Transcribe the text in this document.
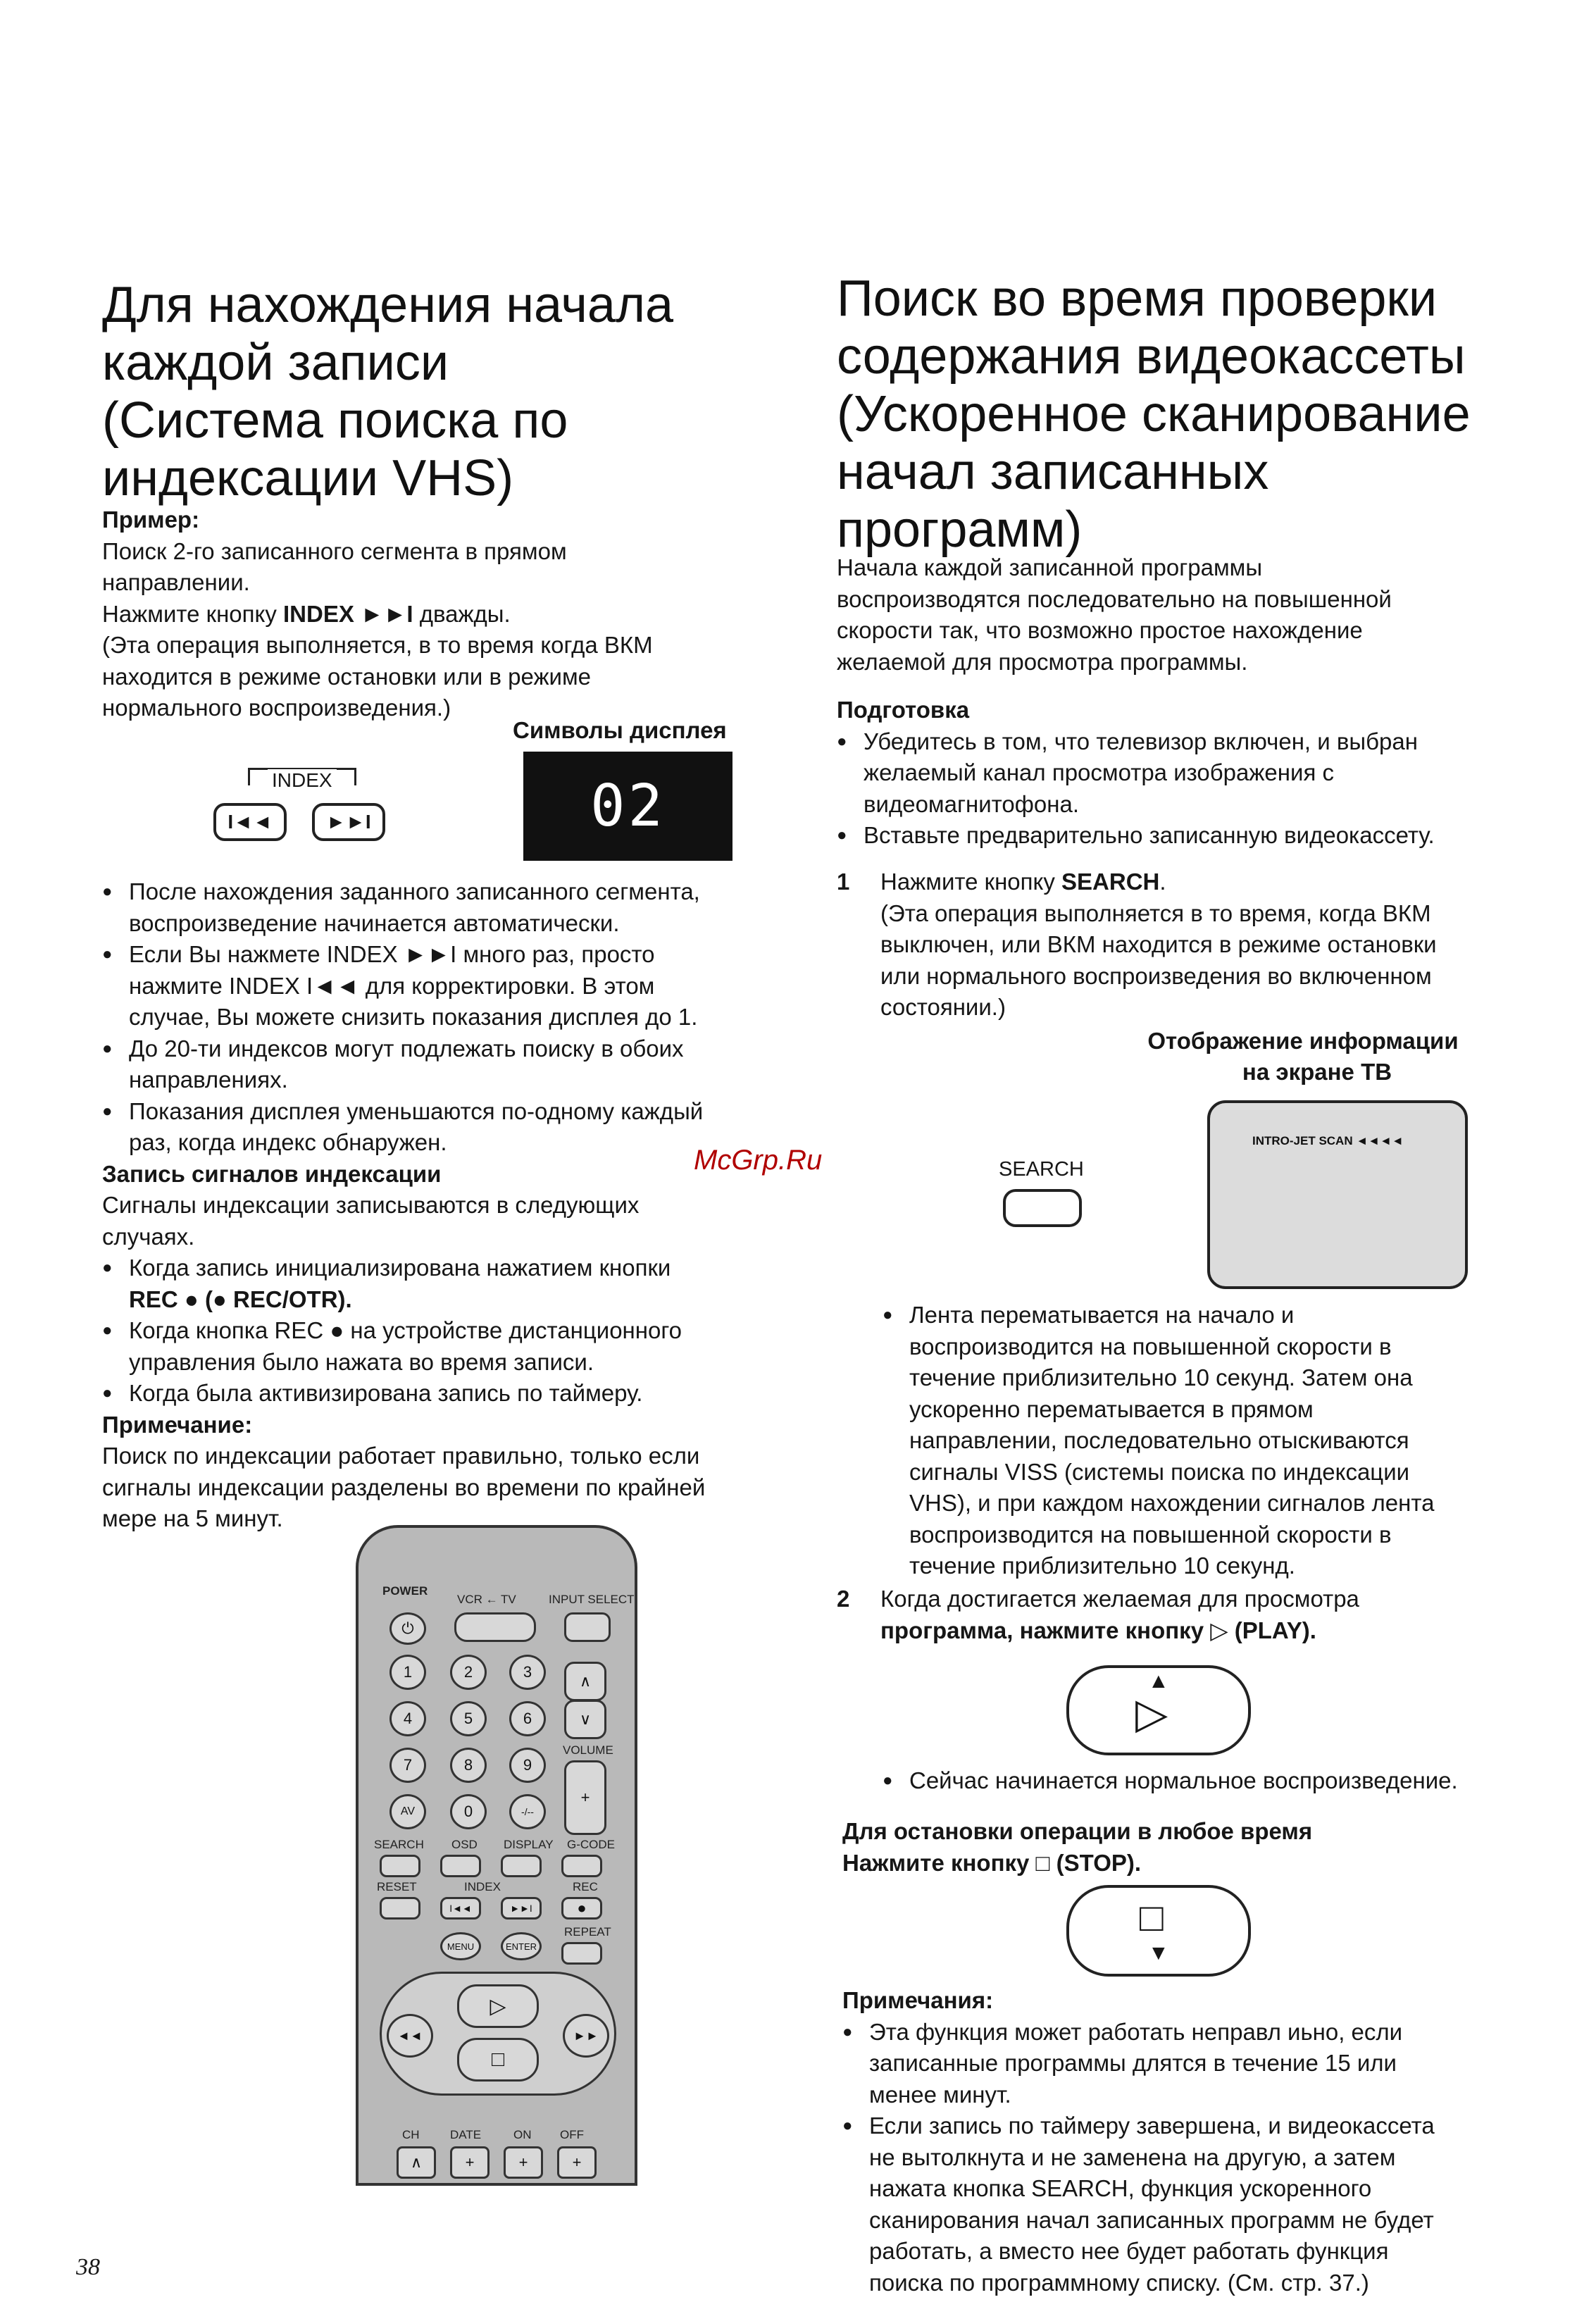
Для нахождения начала
каждой записи
(Система поиска по
индексации VHS)
Пример:
Поиск 2-го записанного сегмента в прямом
направлении.
Нажмите кнопку INDEX ►►I дважды.
(Эта операция выполняется, в то время когда ВКМ
находится в режиме остановки или в режиме
нормального воспроизведения.)
Символы дисплея
INDEX
I◄◄	►►I	02
● После нахождения заданного записанного сегмента,
воспроизведение начинается автоматически.
● Если Вы нажмете INDEX ►►I много раз, просто
нажмите INDEX I◄◄ для корректировки. В этом
случае, Вы можете снизить показания дисплея до 1.
● До 20-ти индексов могут подлежать поиску в обоих
направлениях.
● Показания дисплея уменьшаются по-одному каждый
раз, когда индекс обнаружен.
Запись сигналов индексации
Сигналы индексации записываются в следующих
случаях.
● Когда запись инициализирована нажатием кнопки
REC ● (● REC/OTR).
● Когда кнопка REC ● на устройстве дистанционного
управления было нажата во время записи.
● Когда была активизирована запись по таймеру.
Примечание:
Поиск по индексации работает правильно, только если
сигналы индексации разделены во времени по крайней
мере на 5 минут.
McGrp.Ru
POWER
VCR ← TV	INPUT SELECT
⏻
1	2	3
4	5	6
7	8	9
AV	0	-/--
∧
∨
VOLUME
+
SEARCH OSD DISPLAY G-CODE
RESET	INDEX	REC
I◄◄	►►I	●
MENU	ENTER
REPEAT
▷
□
◄◄	►►
CH	DATE	ON OFF
∧	+	+	+
38
Поиск во время проверки
содержания видеокассеты
(Ускоренное сканирование
начал записанных
программ)
Начала каждой записанной программы
воспроизводятся последовательно на повышенной
скорости так, что возможно простое нахождение
желаемой для просмотра программы.
Подготовка
● Убедитесь в том, что телевизор включен, и выбран
желаемый канал просмотра изображения с
видеомагнитофона.
● Вставьте предварительно записанную видеокассету.
1 Нажмите кнопку SEARCH.
(Эта операция выполняется в то время, когда ВКМ
выключен, или ВКМ находится в режиме остановки
или нормального воспроизведения во включенном
состоянии.)
Отображение информации
на экране ТВ
SEARCH
INTRO-JET SCAN ◄◄◄◄
● Лента перематывается на начало и
воспроизводится на повышенной скорости в
течение приблизительно 10 секунд. Затем она
ускоренно перематывается в прямом
направлении, последовательно отыскиваются
сигналы VISS (системы поиска по индексации
VHS), и при каждом нахождении сигналов лента
воспроизводится на повышенной скорости в
течение приблизительно 10 секунд.
2 Когда достигается желаемая для просмотра
программа, нажмите кнопку ▷ (PLAY).
▲
▷
● Сейчас начинается нормальное воспроизведение.
Для остановки операции в любое время
Нажмите кнопку □ (STOP).
□
▼
Примечания:
● Эта функция может работать неправл иьно, если
записанные программы длятся в течение 15 или
менее минут.
● Если запись по таймеру завершена, и видеокассета
не вытолкнута и не заменена на другую, а затем
нажата кнопка SEARCH, функция ускоренного
сканирования начал записанных программ не будет
работать, а вместо нее будет работать функция
поиска по программному списку. (См. стр. 37.)
